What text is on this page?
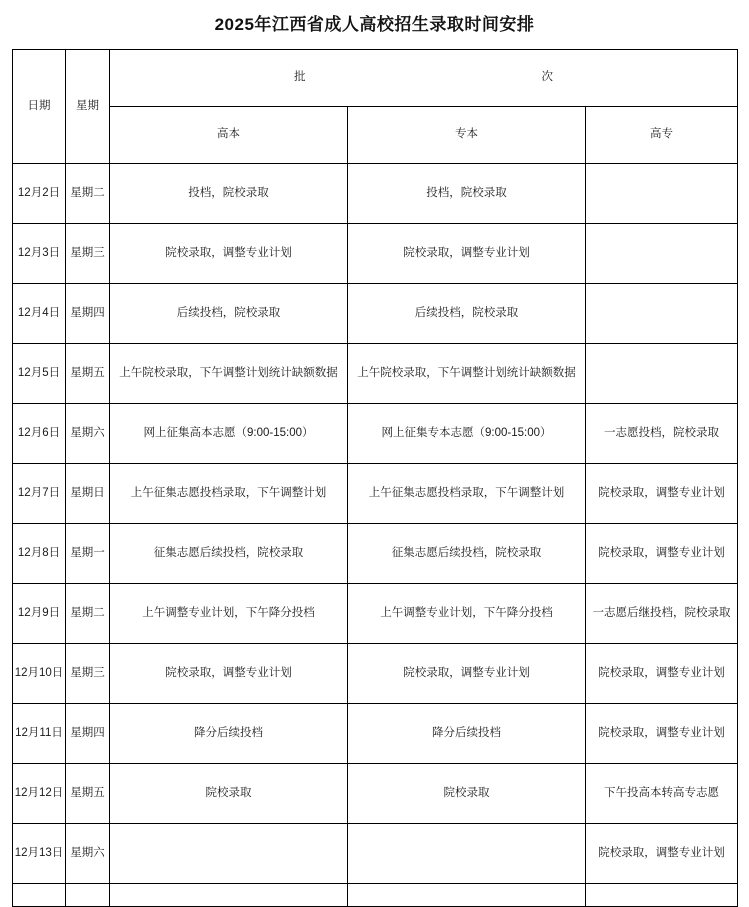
2025年江西省成人高校招生录取时间安排
日期	星期	批　　　　次		
		高本	专本	高专
12月2日	星期二	投档，院校录取	投档，院校录取	
12月3日	星期三	院校录取，调整专业计划	院校录取，调整专业计划	
12月4日	星期四	后续投档，院校录取	后续投档，院校录取	
12月5日	星期五	上午院校录取，下午调整计划统计缺额数据	上午院校录取，下午调整计划统计缺额数据	
12月6日	星期六	网上征集高本志愿（9:00-15:00）	网上征集专本志愿（9:00-15:00）	一志愿投档，院校录取
12月7日	星期日	上午征集志愿投档录取，下午调整计划	上午征集志愿投档录取，下午调整计划	院校录取，调整专业计划
12月8日	星期一	征集志愿后续投档，院校录取	征集志愿后续投档，院校录取	院校录取，调整专业计划
12月9日	星期二	上午调整专业计划，下午降分投档	上午调整专业计划，下午降分投档	一志愿后继投档，院校录取
12月10日	星期三	院校录取，调整专业计划	院校录取，调整专业计划	院校录取，调整专业计划
12月11日	星期四	降分后续投档	降分后续投档	院校录取，调整专业计划
12月12日	星期五	院校录取	院校录取	下午投高本转高专志愿
12月13日	星期六			院校录取，调整专业计划
